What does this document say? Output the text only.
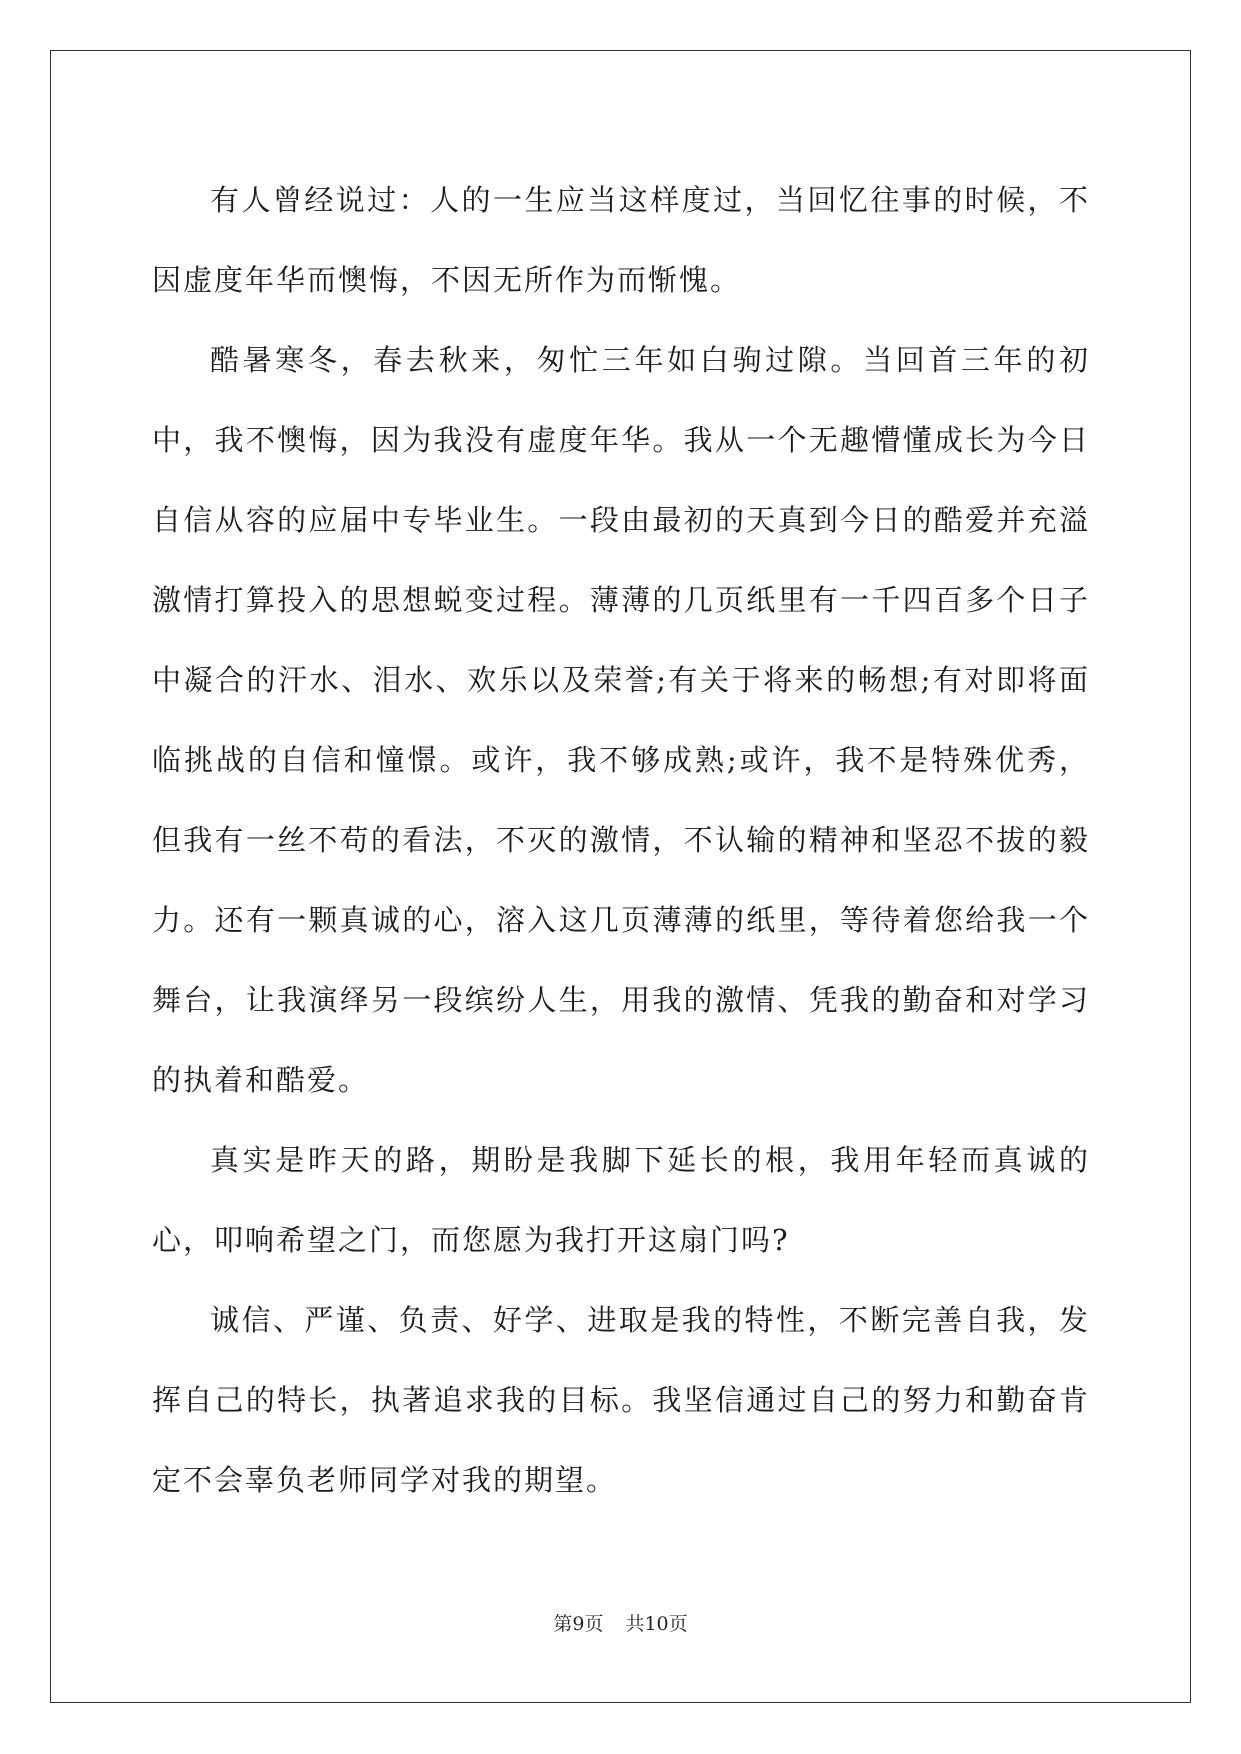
有人曾经说过：人的一生应当这样度过，当回忆往事的时候，不因虚度年华而懊悔，不因无所作为而惭愧。

酷暑寒冬，春去秋来，匆忙三年如白驹过隙。当回首三年的初中，我不懊悔，因为我没有虚度年华。我从一个无趣懵懂成长为今日自信从容的应届中专毕业生。一段由最初的天真到今日的酷爱并充溢激情打算投入的思想蜕变过程。薄薄的几页纸里有一千四百多个日子中凝合的汗水、泪水、欢乐以及荣誉;有关于将来的畅想;有对即将面临挑战的自信和憧憬。或许，我不够成熟;或许，我不是特殊优秀，但我有一丝不苟的看法，不灭的激情，不认输的精神和坚忍不拔的毅力。还有一颗真诚的心，溶入这几页薄薄的纸里，等待着您给我一个舞台，让我演绎另一段缤纷人生，用我的激情、凭我的勤奋和对学习的执着和酷爱。

真实是昨天的路，期盼是我脚下延长的根，我用年轻而真诚的心，叩响希望之门，而您愿为我打开这扇门吗?

诚信、严谨、负责、好学、进取是我的特性，不断完善自我，发挥自己的特长，执著追求我的目标。我坚信通过自己的努力和勤奋肯定不会辜负老师同学对我的期望。

第9页 共10页
